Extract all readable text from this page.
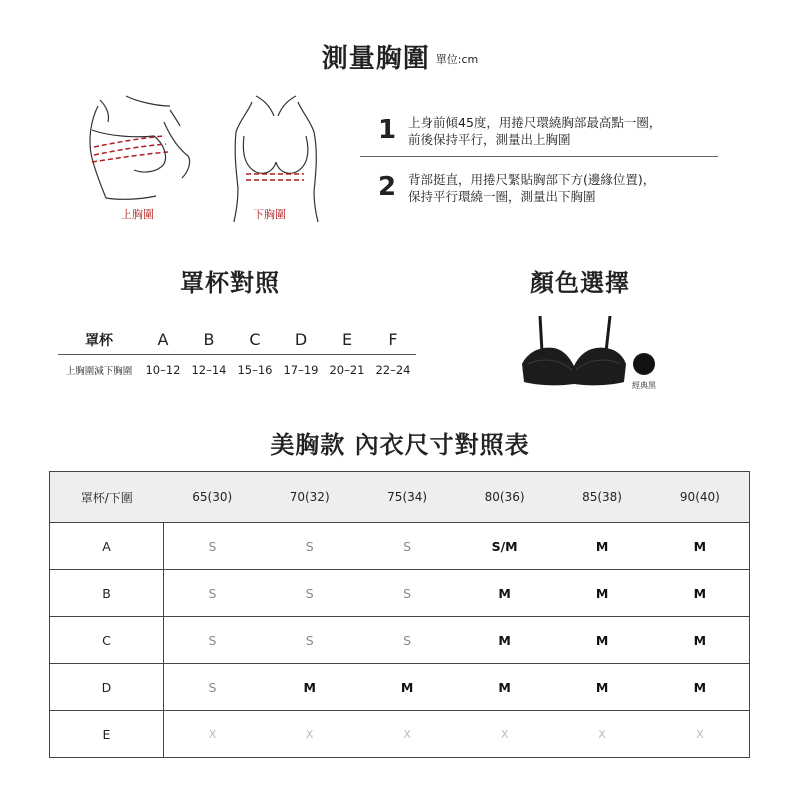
測量胸圍 $^{單位:cm}$
上胸圍	下胸圍
1 上身前傾45度，用捲尺環繞胸部最高點一圈，
前後保持平行，測量出上胸圍
2 背部挺直，用捲尺緊貼胸部下方(邊緣位置)，
保持平行環繞一圈，測量出下胸圍
罩杯對照
罩杯	A	B	C	D	E	F
上胸圍減下胸圍	10–12 12–14 15–16 17–19 20–21 22–24
顏色選擇
經典黑
美胸款 內衣尺寸對照表
罩杯/下圍	65(30)	70(32)	75(34)	80(36)	85(38)	90(40)
A	S	S	S	S/M	M	M
B	S	S	S	M	M	M
C	S	S	S	M	M	M
D	S	M	M	M	M	M
E	X	X	X	X	X	X
